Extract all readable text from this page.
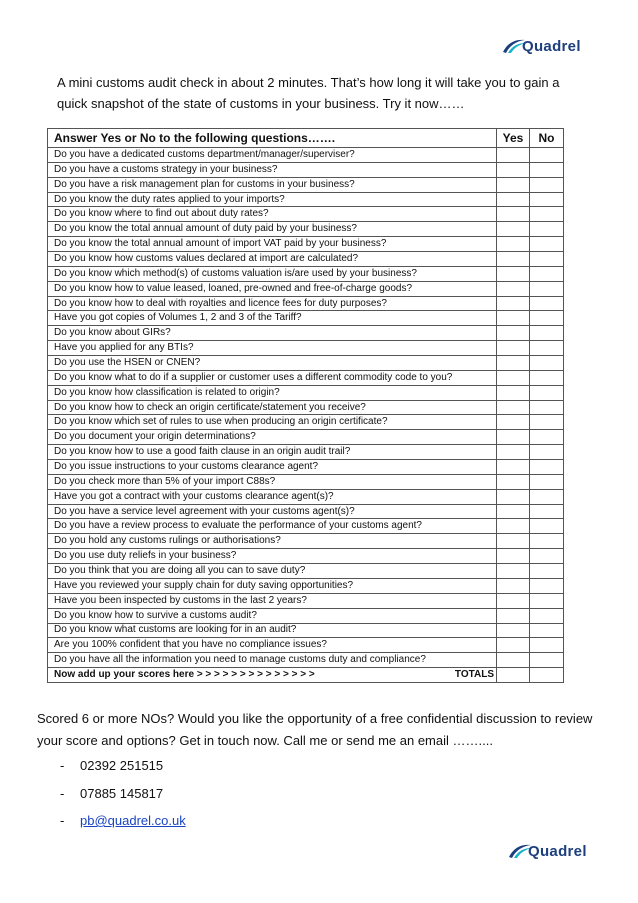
Quadrel

A mini customs audit check in about 2 minutes. That’s how long it will take you to gain a quick snapshot of the state of customs in your business. Try it now……

Answer Yes or No to the following questions…….	Yes	No
Do you have a dedicated customs department/manager/superviser?		
Do you have a customs strategy in your business?		
Do you have a risk management plan for customs in your business?		
Do you know the duty rates applied to your imports?		
Do you know where to find out about duty rates?		
Do you know the total annual amount of duty paid by your business?		
Do you know the total annual amount of import VAT paid by your business?		
Do you know how customs values declared at import are calculated?		
Do you know which method(s) of customs valuation is/are used by your business?		
Do you know how to value leased, loaned, pre-owned and free-of-charge goods?		
Do you know how to deal with royalties and licence fees for duty purposes?		
Have you got copies of Volumes 1, 2 and 3 of the Tariff?		
Do you know about GIRs?		
Have you applied for any BTIs?		
Do you use the HSEN or CNEN?		
Do you know what to do if a supplier or customer uses a different commodity code to you?		
Do you know how classification is related to origin?		
Do you know how to check an origin certificate/statement you receive?		
Do you know which set of rules to use when producing an origin certificate?		
Do you document your origin determinations?		
Do you know how to use a good faith clause in an origin audit trail?		
Do you issue instructions to your customs clearance agent?		
Do you check more than 5% of your import C88s?		
Have you got a contract with your customs clearance agent(s)?		
Do you have a service level agreement with your customs agent(s)?		
Do you have a review process to evaluate the performance of your customs agent?		
Do you hold any customs rulings or authorisations?		
Do you use duty reliefs in your business?		
Do you think that you are doing all you can to save duty?		
Have you reviewed your supply chain for duty saving opportunities?		
Have you been inspected by customs in the last 2 years?		
Do you know how to survive a customs audit?		
Do you know what customs are looking for in an audit?		
Are you 100% confident that you have no compliance issues?		
Do you have all the information you need to manage customs duty and compliance?		

Now add up your scores here > > > > > > > > > > > > > > TOTALS		

Scored 6 or more NOs? Would you like the opportunity of a free confidential discussion to review your score and options? Get in touch now. Call me or send me an email ……....

-	02392 251515
-	07885 145817
-	pb@quadrel.co.uk
Quadrel
